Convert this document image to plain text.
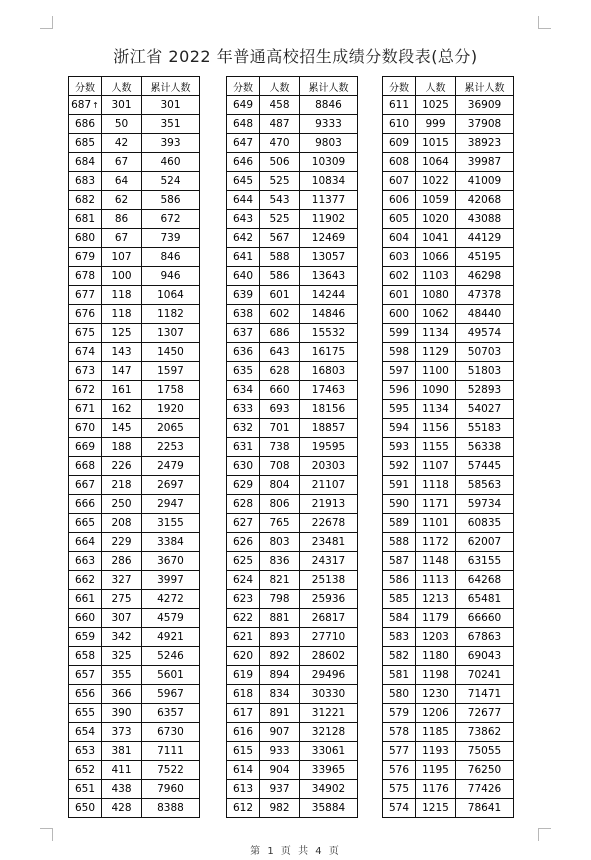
浙江省 2022 年普通高校招生成绩分数段表(总分)
分数	人数	累计人数
687↑	301	301
686	50	351
685	42	393
684	67	460
683	64	524
682	62	586
681	86	672
680	67	739
679	107	846
678	100	946
677	118	1064
676	118	1182
675	125	1307
674	143	1450
673	147	1597
672	161	1758
671	162	1920
670	145	2065
669	188	2253
668	226	2479
667	218	2697
666	250	2947
665	208	3155
664	229	3384
663	286	3670
662	327	3997
661	275	4272
660	307	4579
659	342	4921
658	325	5246
657	355	5601
656	366	5967
655	390	6357
654	373	6730
653	381	7111
652	411	7522
651	438	7960
650	428	8388
分数	人数	累计人数
649	458	8846
648	487	9333
647	470	9803
646	506	10309
645	525	10834
644	543	11377
643	525	11902
642	567	12469
641	588	13057
640	586	13643
639	601	14244
638	602	14846
637	686	15532
636	643	16175
635	628	16803
634	660	17463
633	693	18156
632	701	18857
631	738	19595
630	708	20303
629	804	21107
628	806	21913
627	765	22678
626	803	23481
625	836	24317
624	821	25138
623	798	25936
622	881	26817
621	893	27710
620	892	28602
619	894	29496
618	834	30330
617	891	31221
616	907	32128
615	933	33061
614	904	33965
613	937	34902
612	982	35884
分数	人数	累计人数
611	1025	36909
610	999	37908
609	1015	38923
608	1064	39987
607	1022	41009
606	1059	42068
605	1020	43088
604	1041	44129
603	1066	45195
602	1103	46298
601	1080	47378
600	1062	48440
599	1134	49574
598	1129	50703
597	1100	51803
596	1090	52893
595	1134	54027
594	1156	55183
593	1155	56338
592	1107	57445
591	1118	58563
590	1171	59734
589	1101	60835
588	1172	62007
587	1148	63155
586	1113	64268
585	1213	65481
584	1179	66660
583	1203	67863
582	1180	69043
581	1198	70241
580	1230	71471
579	1206	72677
578	1185	73862
577	1193	75055
576	1195	76250
575	1176	77426
574	1215	78641
第 1 页 共 4 页
